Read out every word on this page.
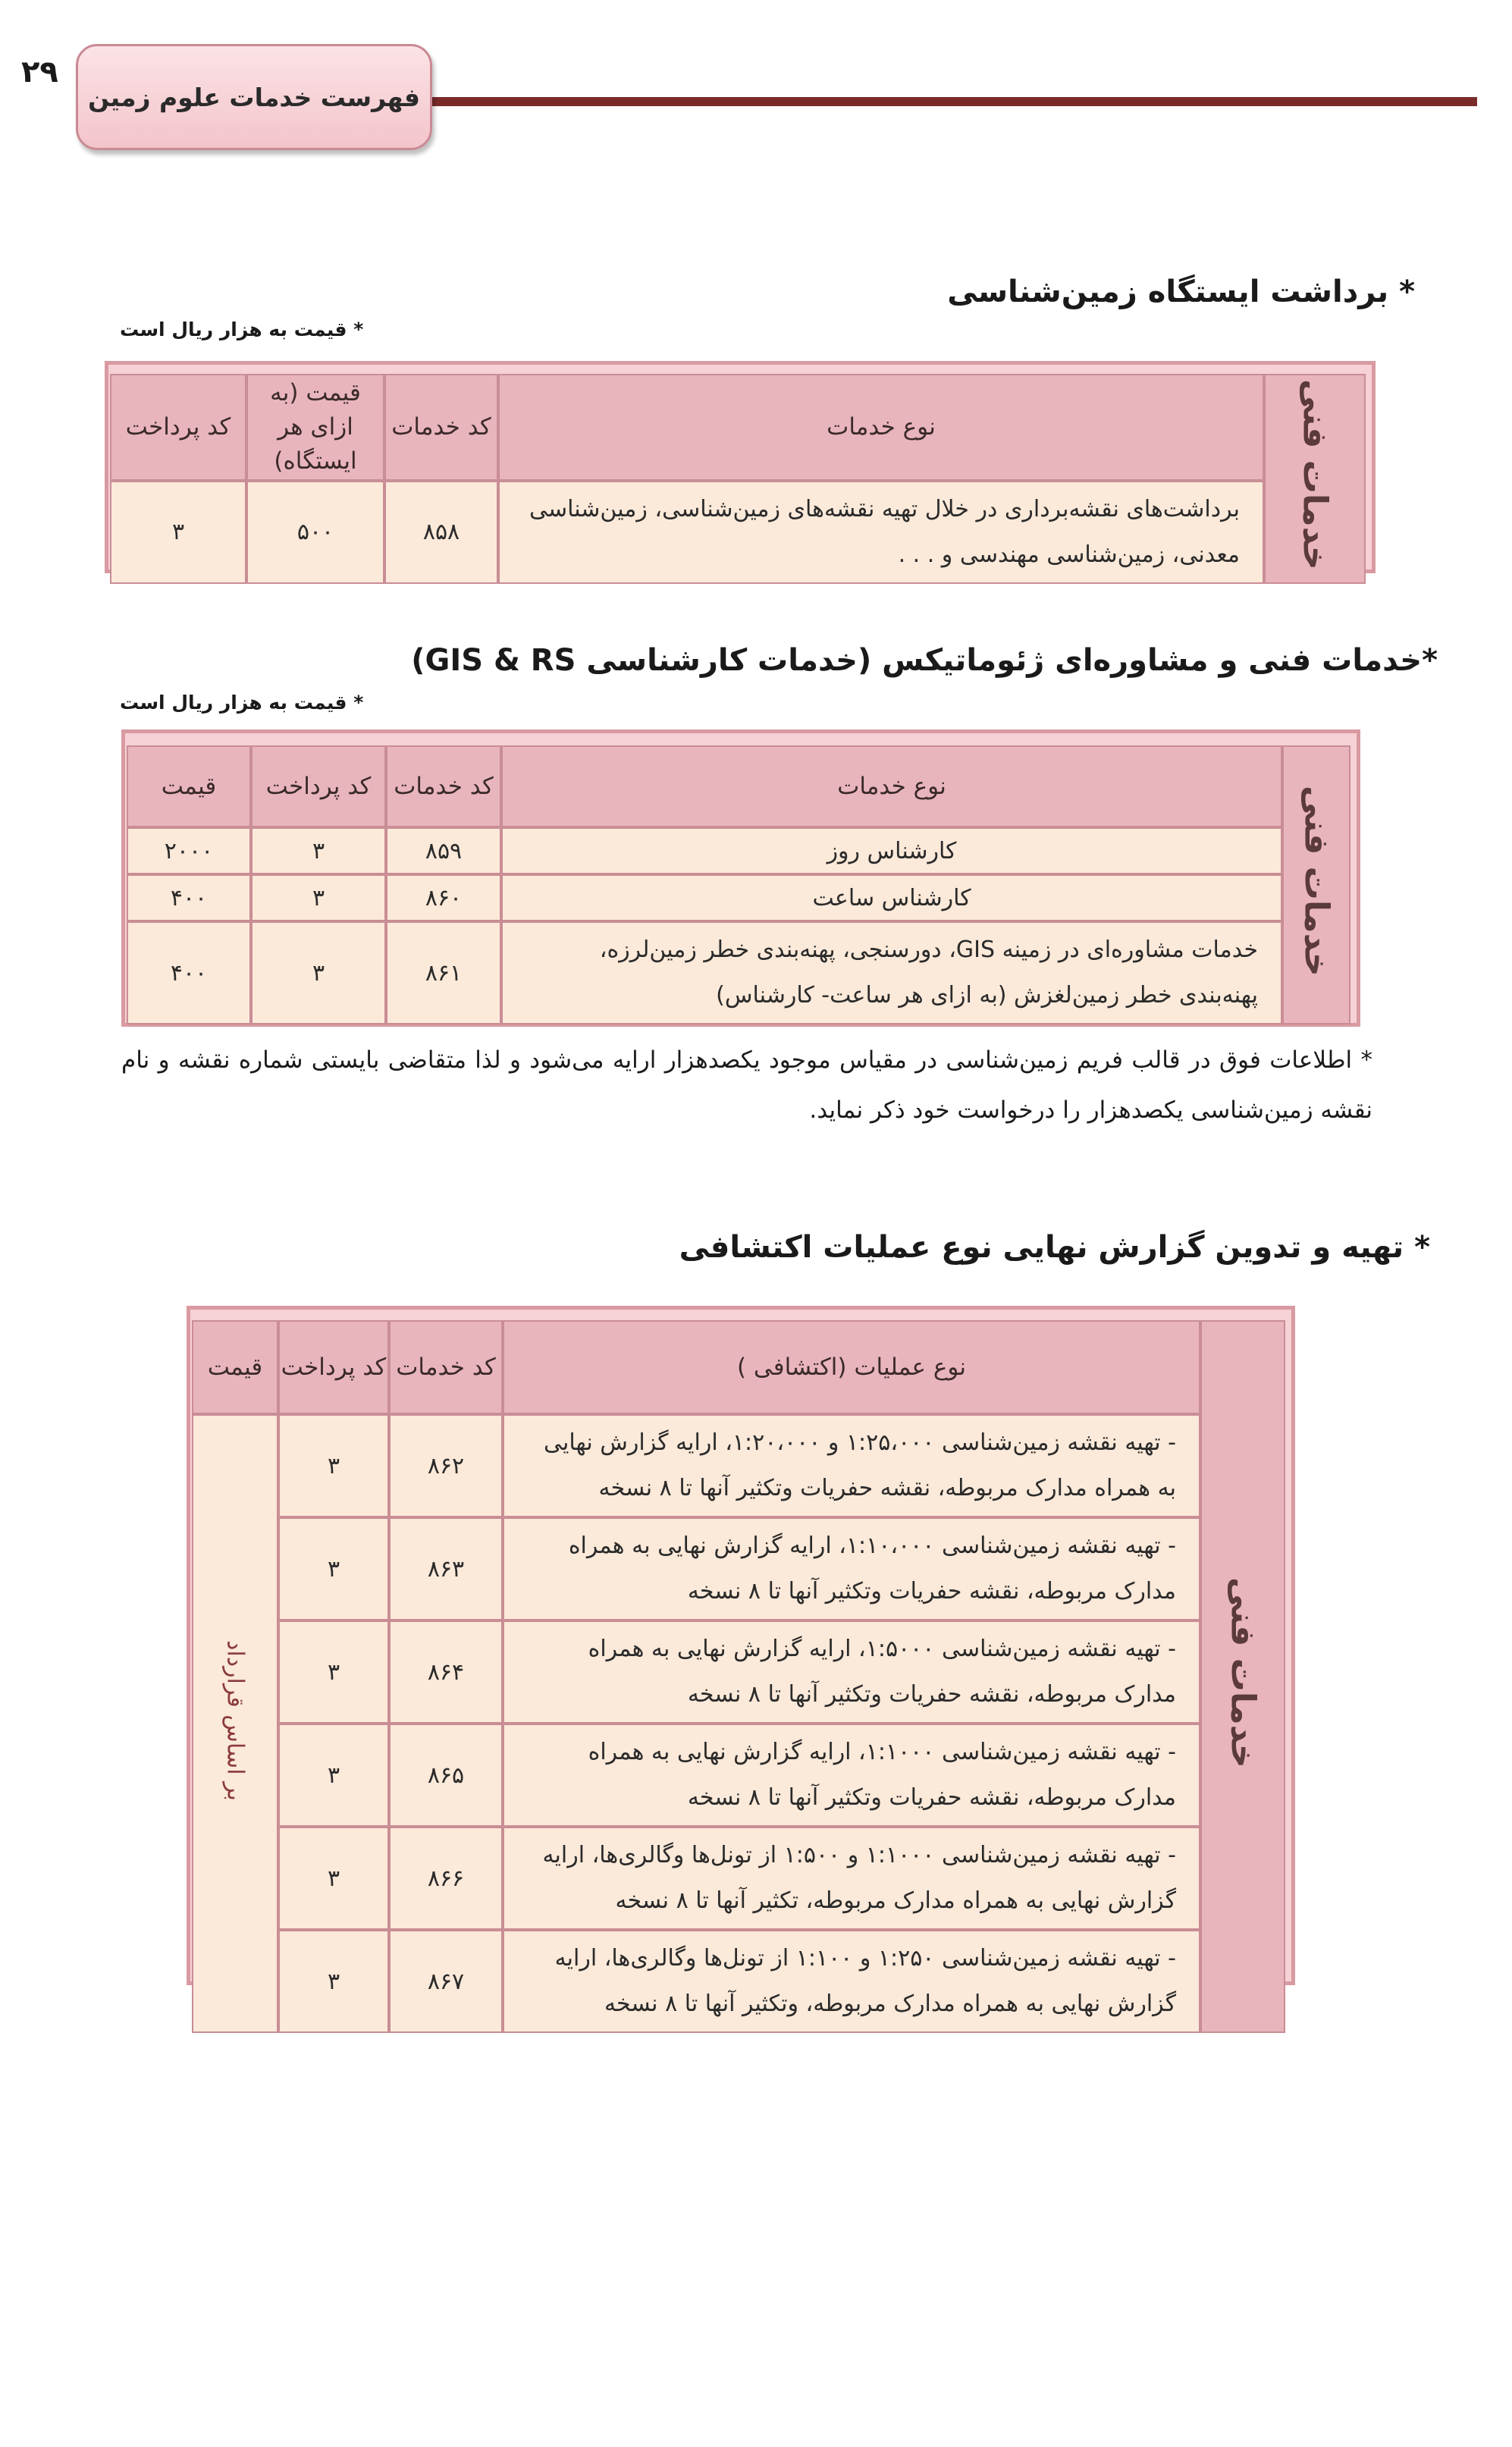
فهرست خدمات علوم زمین
۲۹
* برداشت ایستگاه زمین‌شناسی
* قیمت به هزار ریال است
خدمات فنی	نوع خدمات	کد خدمات	قیمت (به ازای هر ایستگاه)	کد پرداخت
	برداشت‌های نقشه‌برداری در خلال تهیه نقشه‌های زمین‌شناسی، زمین‌شناسی معدنی، زمین‌شناسی مهندسی و . . .	۸۵۸	۵۰۰	۳
*خدمات فنی و مشاوره‌ای ژئوماتیکس (خدمات کارشناسی GIS & RS)
* قیمت به هزار ریال است
خدمات فنی	نوع خدمات	کد خدمات	کد پرداخت	قیمت
	کارشناس روز	۸۵۹	۳	۲۰۰۰
	کارشناس ساعت	۸۶۰	۳	۴۰۰
	خدمات مشاوره‌ای در زمینه GIS، دورسنجی، پهنه‌بندی خطر زمین‌لرزه، پهنه‌بندی خطر زمین‌لغزش (به ازای هر ساعت- کارشناس)	۸۶۱	۳	۴۰۰
* اطلاعات فوق در قالب فریم زمین‌شناسی در مقیاس موجود یکصدهزار ارایه می‌شود و لذا متقاضی بایستی شماره نقشه و نام نقشه زمین‌شناسی یکصدهزار را درخواست خود ذکر نماید.
* تهیه و تدوین گزارش نهایی نوع عملیات اکتشافی
خدمات فنی	نوع عملیات (اکتشافی )	کد خدمات	کد پرداخت	قیمت
	- تهیه نقشه زمین‌شناسی ۱:۲۵،۰۰۰ و ۱:۲۰،۰۰۰، ارایه گزارش نهایی به همراه مدارک مربوطه، نقشه حفریات وتکثیر آنها تا ۸ نسخه	۸۶۲	۳	بر اساس قرارداد
	- تهیه نقشه زمین‌شناسی ۱:۱۰،۰۰۰، ارایه گزارش نهایی به همراه مدارک مربوطه، نقشه حفریات وتکثیر آنها تا ۸ نسخه	۸۶۳	۳	
	- تهیه نقشه زمین‌شناسی ۱:۵۰۰۰، ارایه گزارش نهایی به همراه مدارک مربوطه، نقشه حفریات وتکثیر آنها تا ۸ نسخه	۸۶۴	۳	
	- تهیه نقشه زمین‌شناسی ۱:۱۰۰۰، ارایه گزارش نهایی به همراه مدارک مربوطه، نقشه حفریات وتکثیر آنها تا ۸ نسخه	۸۶۵	۳	
	- تهیه نقشه زمین‌شناسی ۱:۱۰۰۰ و ۱:۵۰۰ از تونل‌ها وگالری‌ها، ارایه گزارش نهایی به همراه مدارک مربوطه، تکثیر آنها تا ۸ نسخه	۸۶۶	۳	
	- تهیه نقشه زمین‌شناسی ۱:۲۵۰ و ۱:۱۰۰ از تونل‌ها وگالری‌ها، ارایه گزارش نهایی به همراه مدارک مربوطه، وتکثیر آنها تا ۸ نسخه	۸۶۷	۳	
